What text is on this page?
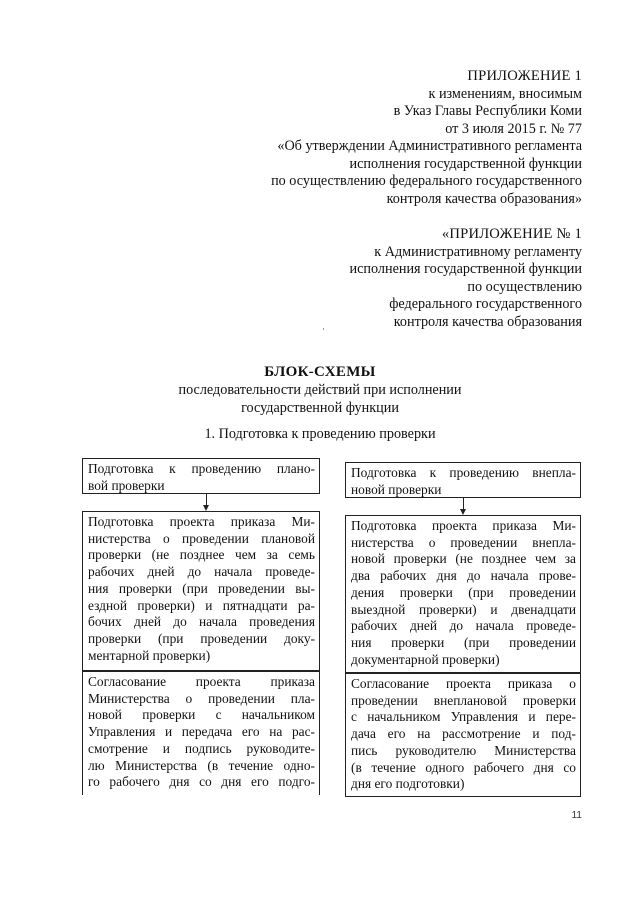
ПРИЛОЖЕНИЕ 1
к изменениям, вносимым
в Указ Главы Республики Коми
от 3 июля 2015 г. № 77
«Об утверждении Административного регламента
исполнения государственной функции
по осуществлению федерального государственного
контроля качества образования»
«ПРИЛОЖЕНИЕ № 1
к Административному регламенту
исполнения государственной функции
по осуществлению
федерального государственного
контроля качества образования
БЛОК-СХЕМЫ
последовательности действий при исполнении
государственной функции
1. Подготовка к проведению проверки
Подготовка к проведению плано-
вой проверки
Подготовка проекта приказа Ми-
нистерства о проведении плановой
проверки (не позднее чем за семь
рабочих дней до начала проведе-
ния проверки (при проведении вы-
ездной проверки) и пятнадцати ра-
бочих дней до начала проведения
проверки (при проведении доку-
ментарной проверки)
Согласование проекта приказа
Министерства о проведении пла-
новой проверки с начальником
Управления и передача его на рас-
смотрение и подпись руководите-
лю Министерства (в течение одно-
го рабочего дня со дня его подго-
Подготовка к проведению внепла-
новой проверки
Подготовка проекта приказа Ми-
нистерства о проведении внепла-
новой проверки (не позднее чем за
два рабочих дня до начала прове-
дения проверки (при проведении
выездной проверки) и двенадцати
рабочих дней до начала проведе-
ния проверки (при проведении
документарной проверки)
Согласование проекта приказа о
проведении внеплановой проверки
с начальником Управления и пере-
дача его на рассмотрение и под-
пись руководителю Министерства
(в течение одного рабочего дня со
дня его подготовки)
11
